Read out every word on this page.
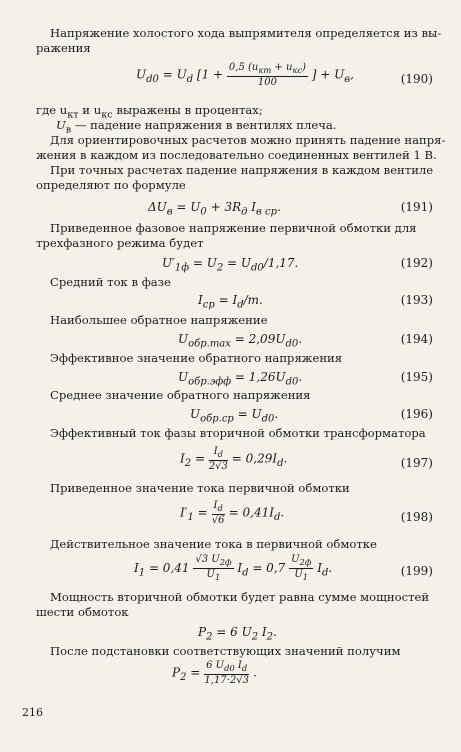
Напряжение холостого хода выпрямителя определяется из вы-
ражения
$U_{d0} = U_d$ [$1 + \frac{0,5 (u_{кт} + u_{кс})}{100}$ ] + $U_в$,	(190)
где $u_{кт}$ и $u_{кс}$ выражены в процентах;
$U_в$ — падение напряжения в вентилях плеча.
Для ориентировочных расчетов можно принять падение напря-
жения в каждом из последовательно соединенных вентилей 1 В.
При точных расчетах падение напряжения в каждом вентиле
определяют по формуле
$\Delta U_в = U_0 + 3R_д$ $I_{в ср}$.	(191)
Приведенное фазовое напряжение первичной обмотки для
трехфазного режима будет
$U'_{1ф} = U_2 = U_{d0}/1,17$.	(192)
Средний ток в фазе
$I_{ср} = I_d/m$.	(193)
Наибольшее обратное напряжение
$U_{обр.max} = 2,09U_{d0}$.	(194)
Эффективное значение обратного напряжения
$U_{обр.эфф} = 1,26U_{d0}$.	(195)
Среднее значение обратного напряжения
$U_{обр.ср} = U_{d0}$.	(196)
Эффективный ток фазы вторичной обмотки трансформатора
$I_2 = \frac{I_d}{2√3} = 0,29I_d$.	(197)
Приведенное значение тока первичной обмотки
$I'_1 = \frac{I_d}{√6} = 0,41I_d$.	(198)
Действительное значение тока в первичной обмотке
$I_1 = 0,41 \frac{√3 U_{2ф}}{U_1} I_d = 0,7 \frac{U_{2ф}}{U_1} I_d$.	(199)
Мощность вторичной обмотки будет равна сумме мощностей
шести обмоток
$P_2 = 6$ $U_2$ $I_2$.
После подстановки соответствующих значений получим
$P_2 = \frac{6 U_{d0} I_d}{1,17\cdot 2√3}$ .
216
